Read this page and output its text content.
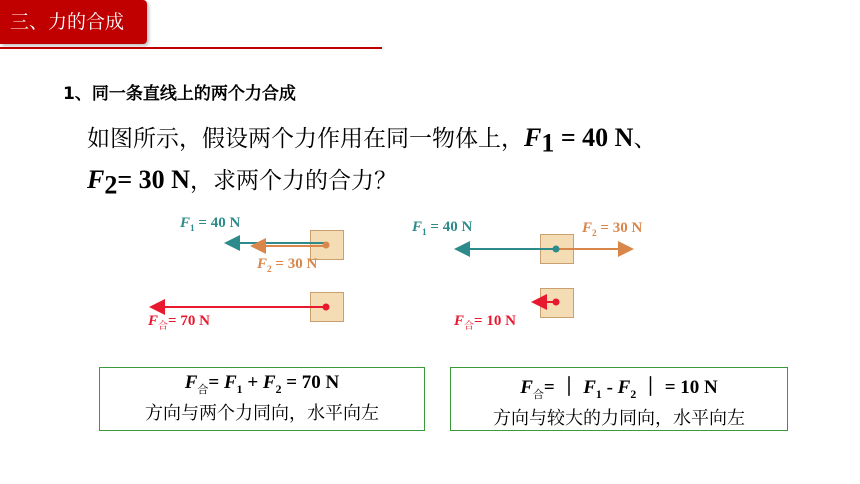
三、力的合成
1、同一条直线上的两个力合成
如图所示，假设两个力作用在同一物体上，$F_1 = 40$ N、
$F_2= 30$ N，求两个力的合力？
$F_1 = 40$ N
$F_2 = 30$ N
$F_合= 70$ N
$F_1 = 40$ N	$F_2 = 30$ N
$F_合= 10$ N
$F_合= F_1 + F_2 = 70$ N
方向与两个力同向，水平向左
$F_合=$ ｜ $F_1 - F_2$ ｜ = 10 N
方向与较大的力同向，水平向左
